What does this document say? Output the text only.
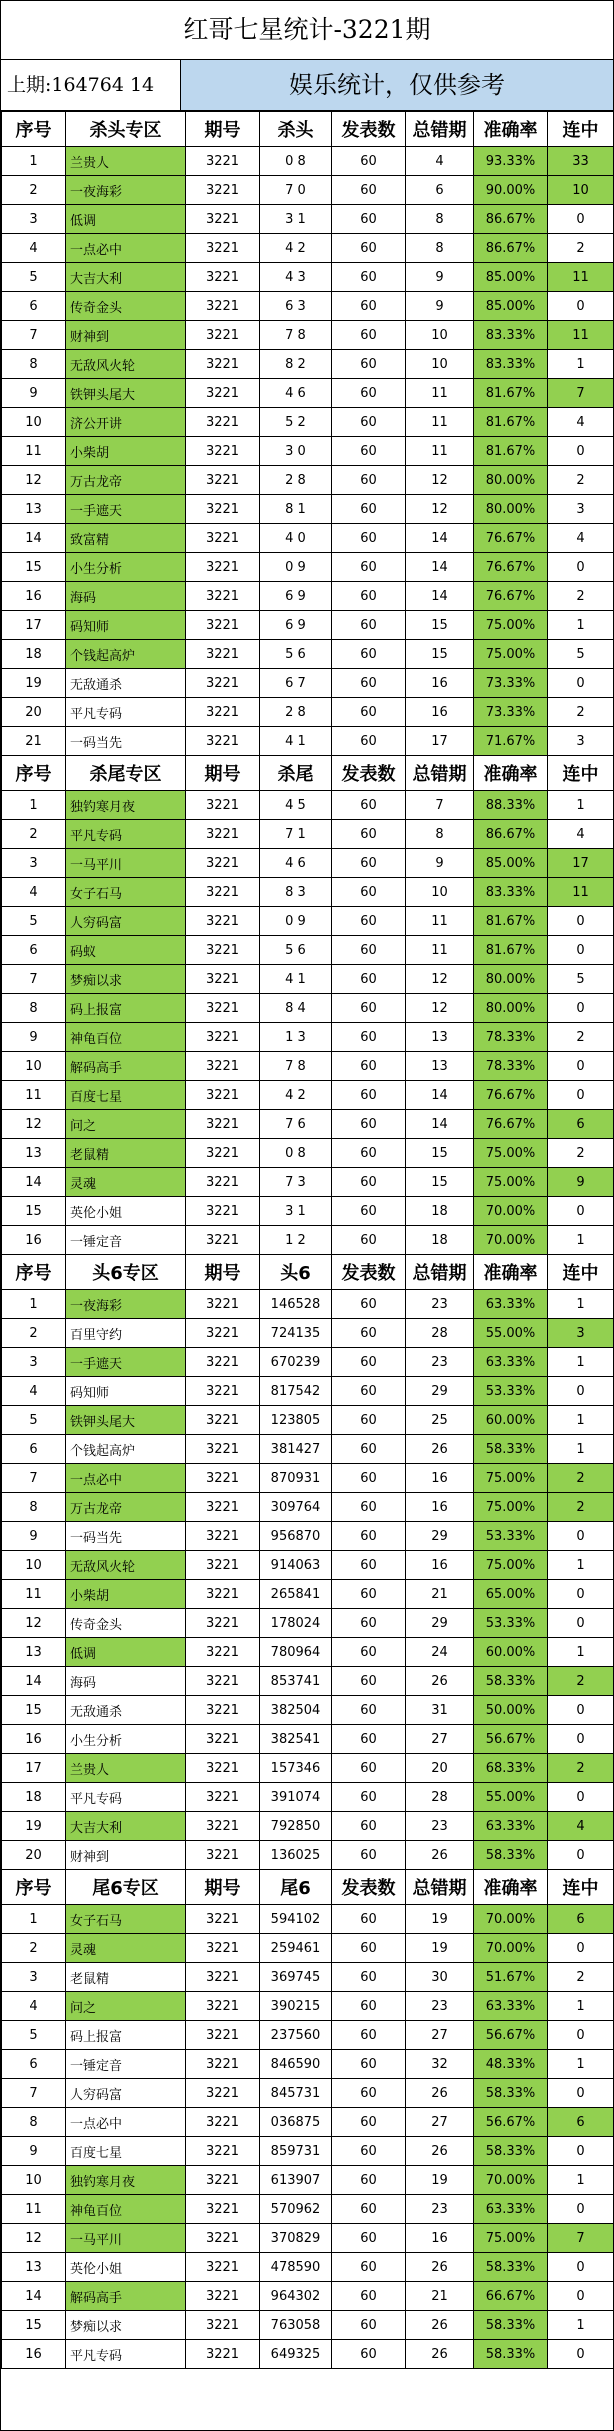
红哥七星统计-3221期
上期:164764 14	娱乐统计，仅供参考
序号	杀头专区	期号	杀头	发表数	总错期	准确率	连中
1	兰贵人	3221	0 8	60	4	93.33%	33
2	一夜海彩	3221	7 0	60	6	90.00%	10
3	低调	3221	3 1	60	8	86.67%	0
4	一点必中	3221	4 2	60	8	86.67%	2
5	大吉大利	3221	4 3	60	9	85.00%	11
6	传奇金头	3221	6 3	60	9	85.00%	0
7	财神到	3221	7 8	60	10	83.33%	11
8	无敌风火轮	3221	8 2	60	10	83.33%	1
9	铁钾头尾大	3221	4 6	60	11	81.67%	7
10	济公开讲	3221	5 2	60	11	81.67%	4
11	小柴胡	3221	3 0	60	11	81.67%	0
12	万古龙帝	3221	2 8	60	12	80.00%	2
13	一手遮天	3221	8 1	60	12	80.00%	3
14	致富精	3221	4 0	60	14	76.67%	4
15	小生分析	3221	0 9	60	14	76.67%	0
16	海码	3221	6 9	60	14	76.67%	2
17	码知师	3221	6 9	60	15	75.00%	1
18	个钱起高炉	3221	5 6	60	15	75.00%	5
19	无敌通杀	3221	6 7	60	16	73.33%	0
20	平凡专码	3221	2 8	60	16	73.33%	2
21	一码当先	3221	4 1	60	17	71.67%	3
序号	杀尾专区	期号	杀尾	发表数	总错期	准确率	连中
1	独钓寒月夜	3221	4 5	60	7	88.33%	1
2	平凡专码	3221	7 1	60	8	86.67%	4
3	一马平川	3221	4 6	60	9	85.00%	17
4	女子石马	3221	8 3	60	10	83.33%	11
5	人穷码富	3221	0 9	60	11	81.67%	0
6	码蚁	3221	5 6	60	11	81.67%	0
7	梦痴以求	3221	4 1	60	12	80.00%	5
8	码上报富	3221	8 4	60	12	80.00%	0
9	神龟百位	3221	1 3	60	13	78.33%	2
10	解码高手	3221	7 8	60	13	78.33%	0
11	百度七星	3221	4 2	60	14	76.67%	0
12	问之	3221	7 6	60	14	76.67%	6
13	老鼠精	3221	0 8	60	15	75.00%	2
14	灵魂	3221	7 3	60	15	75.00%	9
15	英伦小姐	3221	3 1	60	18	70.00%	0
16	一锤定音	3221	1 2	60	18	70.00%	1
序号	头6专区	期号	头6	发表数	总错期	准确率	连中
1	一夜海彩	3221	146528	60	23	63.33%	1
2	百里守约	3221	724135	60	28	55.00%	3
3	一手遮天	3221	670239	60	23	63.33%	1
4	码知师	3221	817542	60	29	53.33%	0
5	铁钾头尾大	3221	123805	60	25	60.00%	1
6	个钱起高炉	3221	381427	60	26	58.33%	1
7	一点必中	3221	870931	60	16	75.00%	2
8	万古龙帝	3221	309764	60	16	75.00%	2
9	一码当先	3221	956870	60	29	53.33%	0
10	无敌风火轮	3221	914063	60	16	75.00%	1
11	小柴胡	3221	265841	60	21	65.00%	0
12	传奇金头	3221	178024	60	29	53.33%	0
13	低调	3221	780964	60	24	60.00%	1
14	海码	3221	853741	60	26	58.33%	2
15	无敌通杀	3221	382504	60	31	50.00%	0
16	小生分析	3221	382541	60	27	56.67%	0
17	兰贵人	3221	157346	60	20	68.33%	2
18	平凡专码	3221	391074	60	28	55.00%	0
19	大吉大利	3221	792850	60	23	63.33%	4
20	财神到	3221	136025	60	26	58.33%	0
序号	尾6专区	期号	尾6	发表数	总错期	准确率	连中
1	女子石马	3221	594102	60	19	70.00%	6
2	灵魂	3221	259461	60	19	70.00%	0
3	老鼠精	3221	369745	60	30	51.67%	2
4	问之	3221	390215	60	23	63.33%	1
5	码上报富	3221	237560	60	27	56.67%	0
6	一锤定音	3221	846590	60	32	48.33%	1
7	人穷码富	3221	845731	60	26	58.33%	0
8	一点必中	3221	036875	60	27	56.67%	6
9	百度七星	3221	859731	60	26	58.33%	0
10	独钓寒月夜	3221	613907	60	19	70.00%	1
11	神龟百位	3221	570962	60	23	63.33%	0
12	一马平川	3221	370829	60	16	75.00%	7
13	英伦小姐	3221	478590	60	26	58.33%	0
14	解码高手	3221	964302	60	21	66.67%	0
15	梦痴以求	3221	763058	60	26	58.33%	1
16	平凡专码	3221	649325	60	26	58.33%	0
